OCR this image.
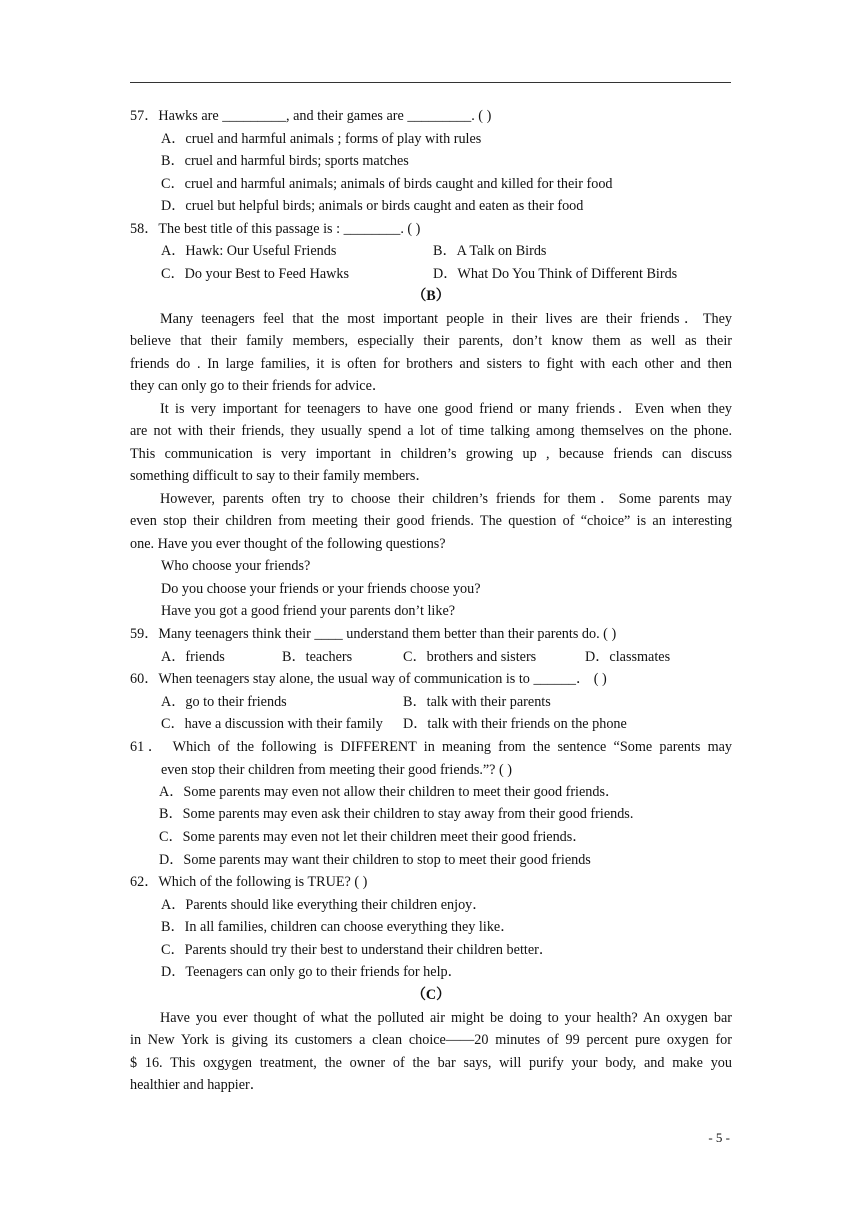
57．Hawks are _________, and their games are _________. ( )
A．cruel and harmful animals ; forms of play with rules
B．cruel and harmful birds; sports matches
C．cruel and harmful animals; animals of birds caught and killed for their food
D．cruel but helpful birds; animals or birds caught and eaten as their food
58．The best title of this passage is : ________. ( )
A．Hawk: Our Useful Friends	B．A Talk on Birds
C．Do your Best to Feed Hawks	D．What Do You Think of Different Birds
（B）
Many teenagers feel that the most important people in their lives are their friends．They
believe that their family members, especially their parents, don’t know them as well as their
friends do . In large families, it is often for brothers and sisters to fight with each other and then
they can only go to their friends for advice．
It is very important for teenagers to have one good friend or many friends．Even when they
are not with their friends, they usually spend a lot of time talking among themselves on the phone.
This communication is very important in children’s growing up , because friends can discuss
something difficult to say to their family members．
However, parents often try to choose their children’s friends for them．Some parents may
even stop their children from meeting their good friends. The question of “choice” is an interesting
one. Have you ever thought of the following questions?
Who choose your friends?
Do you choose your friends or your friends choose you?
Have you got a good friend your parents don’t like?
59．Many teenagers think their ____ understand them better than their parents do. ( )
A．friends	B．teachers	C．brothers and sisters	D．classmates
60．When teenagers stay alone, the usual way of communication is to ______． ( )
A．go to their friends	B．talk with their parents
C．have a discussion with their family D．talk with their friends on the phone
61． Which of the following is DIFFERENT in meaning from the sentence “Some parents may
even stop their children from meeting their good friends.”? ( )
A．Some parents may even not allow their children to meet their good friends．
B．Some parents may even ask their children to stay away from their good friends.
C．Some parents may even not let their children meet their good friends．
D．Some parents may want their children to stop to meet their good friends
62．Which of the following is TRUE? ( )
A．Parents should like everything their children enjoy．
B．In all families, children can choose everything they like．
C．Parents should try their best to understand their children better．
D．Teenagers can only go to their friends for help．
（C）
Have you ever thought of what the polluted air might be doing to your health? An oxygen bar
in New York is giving its customers a clean choice——20 minutes of 99 percent pure oxygen for
$ 16. This oxgygen treatment, the owner of the bar says, will purify your body, and make you
healthier and happier．
- 5 -
